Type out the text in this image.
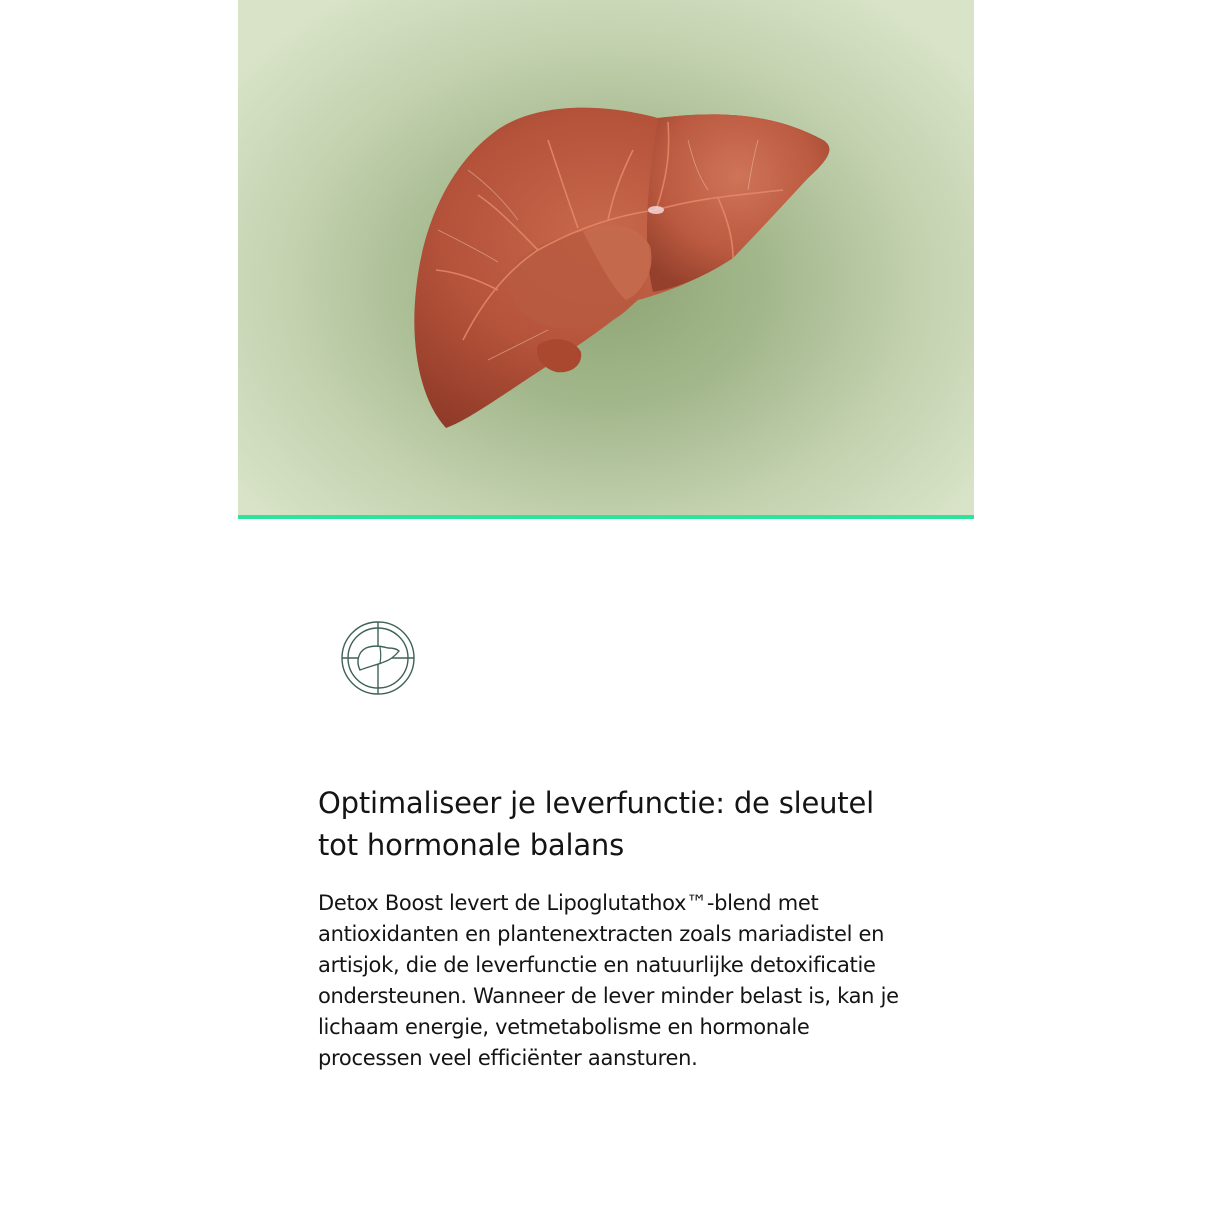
Optimaliseer je leverfunctie: de sleutel tot hormonale balans

Detox Boost levert de Lipoglutathox™-blend met antioxidanten en plantenextracten zoals mariadistel en artisjok, die de leverfunctie en natuurlijke detoxificatie ondersteunen. Wanneer de lever minder belast is, kan je lichaam energie, vetmetabolisme en hormonale processen veel efficiënter aansturen.
